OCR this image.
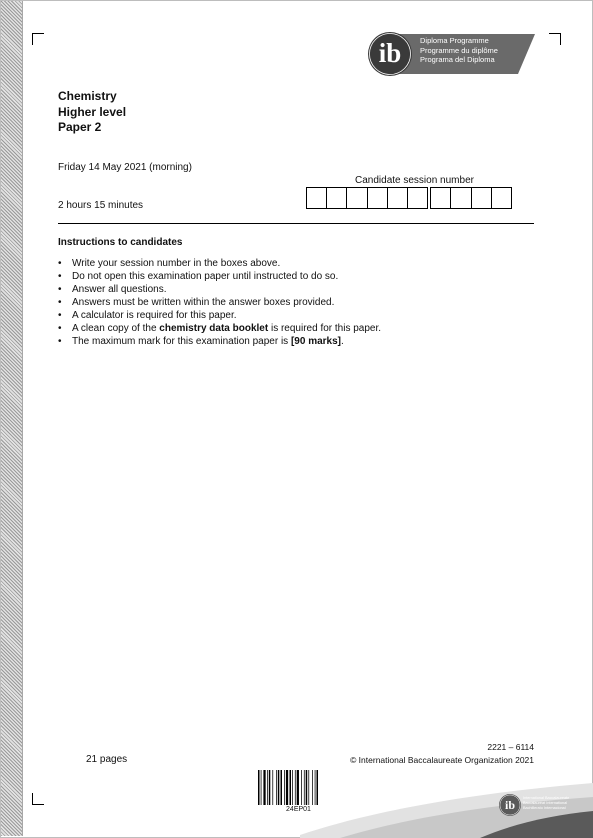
ib Diploma Programme
Programme du diplôme
Programa del Diploma
Chemistry
Higher level
Paper 2
Friday 14 May 2021 (morning)
2 hours 15 minutes
Candidate session number
Instructions to candidates
• Write your session number in the boxes above.
• Do not open this examination paper until instructed to do so.
• Answer all questions.
• Answers must be written within the answer boxes provided.
• A calculator is required for this paper.
• A clean copy of the chemistry data booklet is required for this paper.
• The maximum mark for this examination paper is [90 marks].
21 pages
2221 – 6114
© International Baccalaureate Organization 2021
24EP01	ib International Baccalaureate
Baccalauréat International
Bachillerato Internacional
